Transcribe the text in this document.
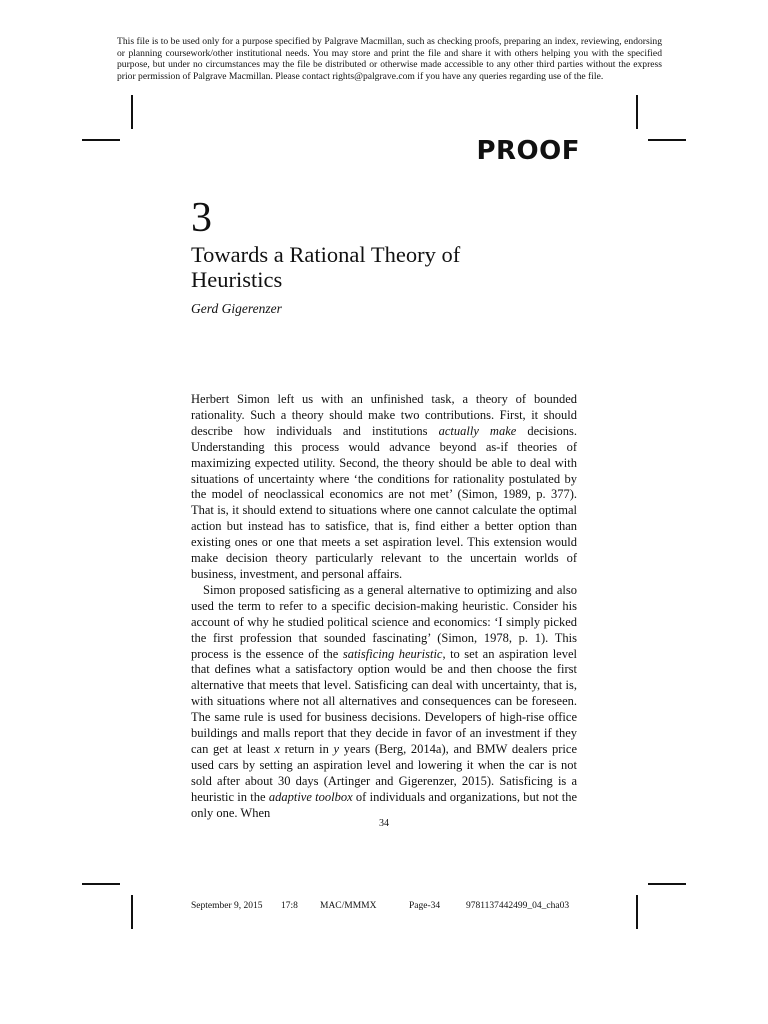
This file is to be used only for a purpose specified by Palgrave Macmillan, such as checking proofs, preparing an index, reviewing, endorsing or planning coursework/other institutional needs. You may store and print the file and share it with others helping you with the specified purpose, but under no circumstances may the file be distributed or otherwise made accessible to any other third parties without the express prior permission of Palgrave Macmillan. Please contact rights@palgrave.com if you have any queries regarding use of the file.
PROOF
3
Towards a Rational Theory of Heuristics
Gerd Gigerenzer

Herbert Simon left us with an unfinished task, a theory of bounded rationality. Such a theory should make two contributions. First, it should describe how individuals and institutions actually make decisions. Understanding this process would advance beyond as-if theories of maximizing expected utility. Second, the theory should be able to deal with situations of uncertainty where ‘the conditions for rationality postulated by the model of neoclassical economics are not met’ (Simon, 1989, p. 377). That is, it should extend to situations where one cannot calculate the optimal action but instead has to satisfice, that is, find either a better option than existing ones or one that meets a set aspiration level. This extension would make decision theory particularly relevant to the uncertain worlds of business, investment, and personal affairs.

Simon proposed satisficing as a general alternative to optimizing and also used the term to refer to a specific decision-making heuristic. Consider his account of why he studied political science and economics: ‘I simply picked the first profession that sounded fascinating’ (Simon, 1978, p. 1). This process is the essence of the satisficing heuristic, to set an aspiration level that defines what a satisfactory option would be and then choose the first alternative that meets that level. Satisficing can deal with uncertainty, that is, with situations where not all alternatives and consequences can be foreseen. The same rule is used for business decisions. Developers of high-rise office buildings and malls report that they decide in favor of an investment if they can get at least x return in y years (Berg, 2014a), and BMW dealers price used cars by setting an aspiration level and lowering it when the car is not sold after about 30 days (Artinger and Gigerenzer, 2015). Satisficing is a heuristic in the adaptive toolbox of individuals and organizations, but not the only one. When

34
September 9, 2015 17:8 MAC/MMMX	Page-34	9781137442499_04_cha03
